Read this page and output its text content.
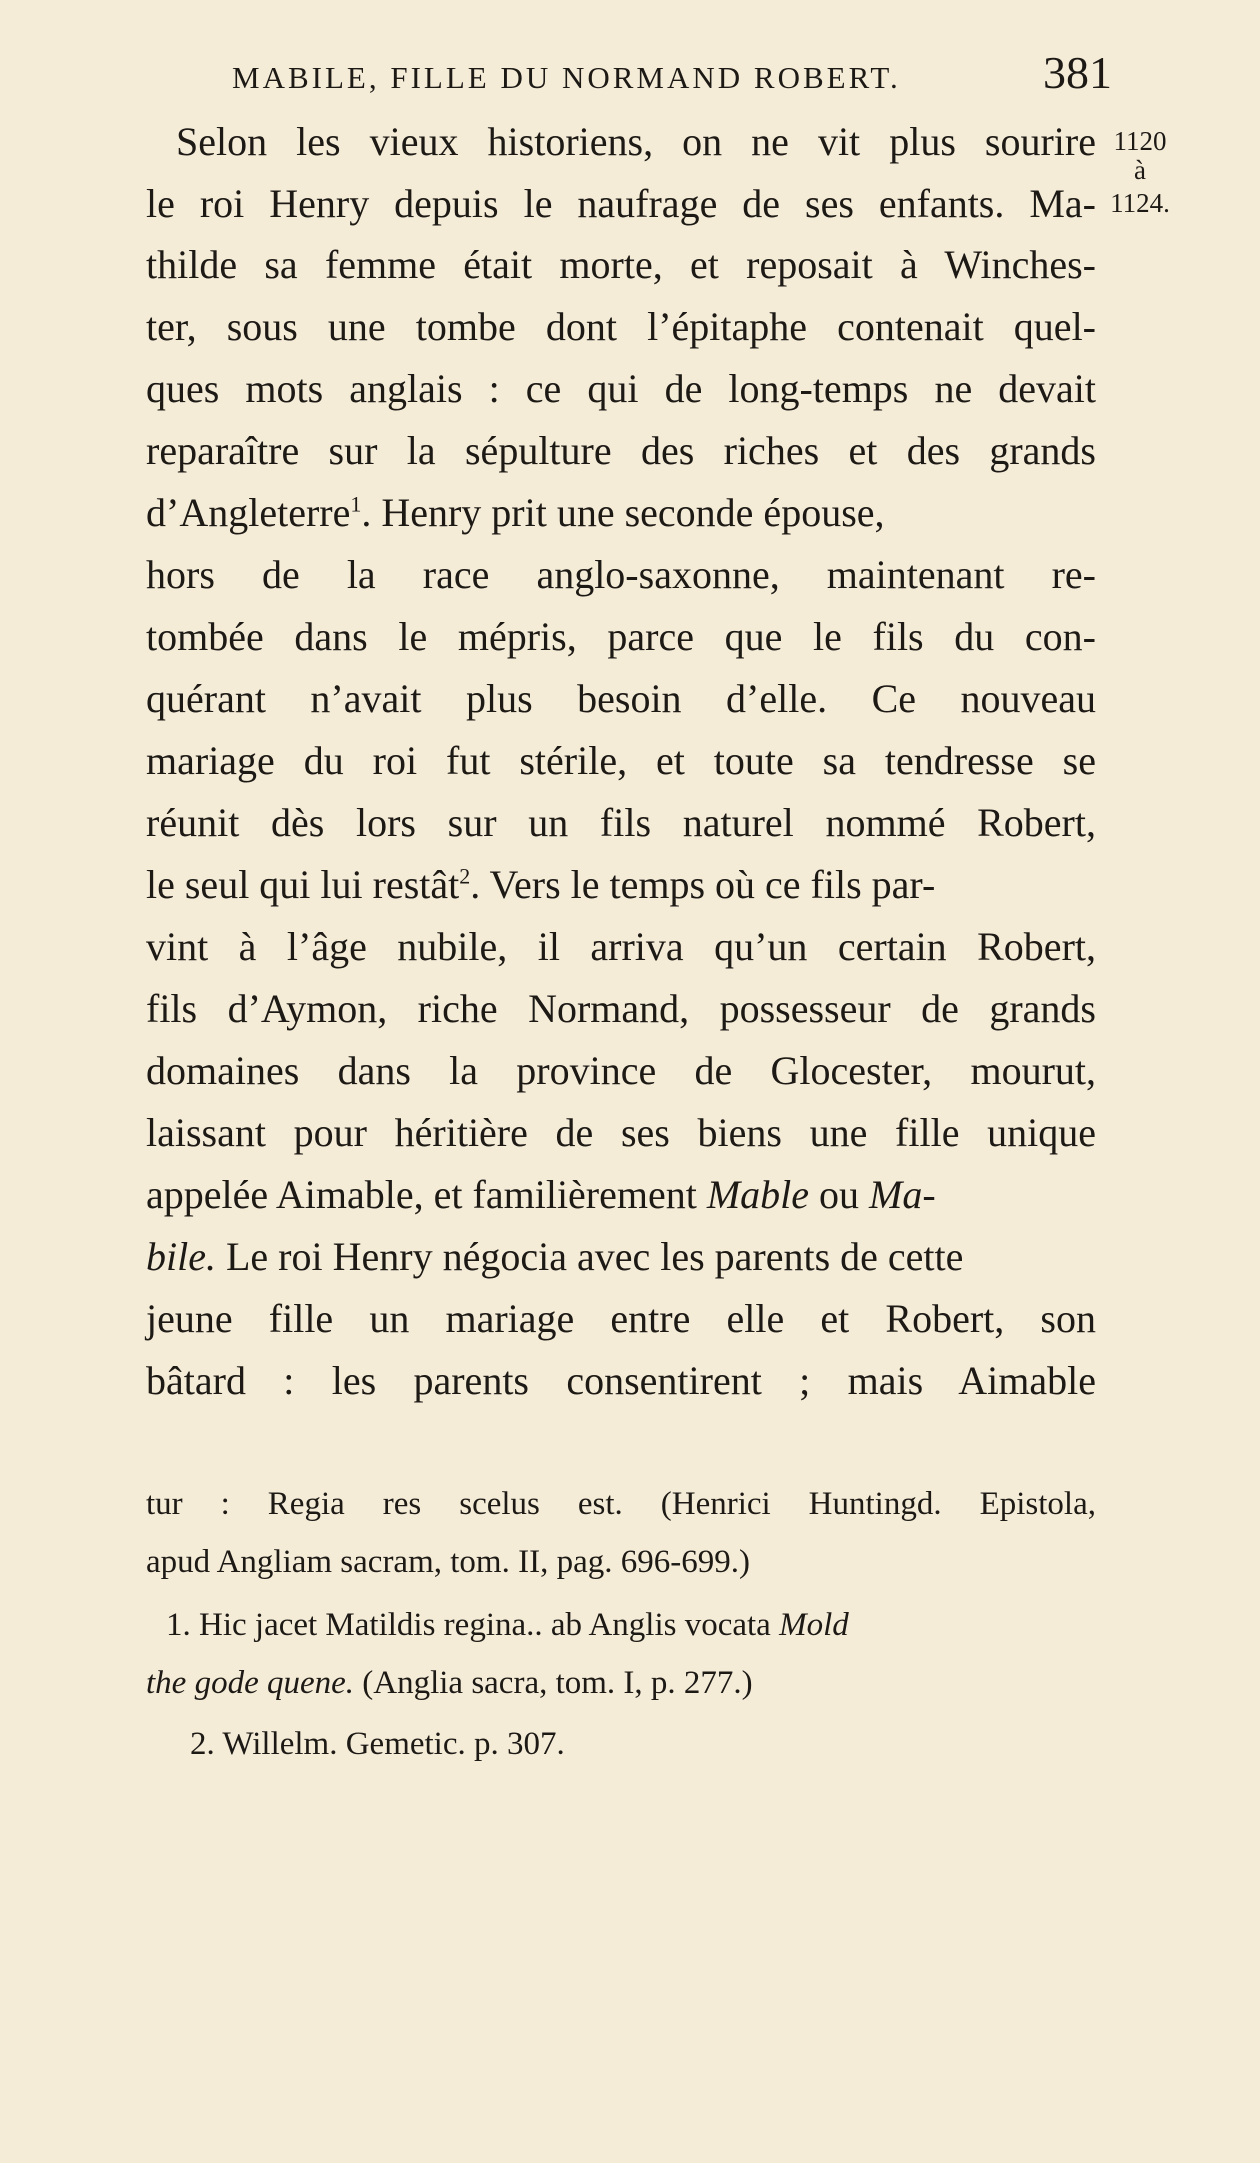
MABILE, FILLE DU NORMAND ROBERT.	381
1120
à
1124.
Selon les vieux historiens, on ne vit plus sourire
le roi Henry depuis le naufrage de ses enfants. Ma-
thilde sa femme était morte, et reposait à Winches-
ter, sous une tombe dont l’épitaphe contenait quel-
ques mots anglais : ce qui de long-temps ne devait
reparaître sur la sépulture des riches et des grands
d’Angleterre$^1$. Henry prit une seconde épouse,
hors de la race anglo-saxonne, maintenant re-
tombée dans le mépris, parce que le fils du con-
quérant n’avait plus besoin d’elle. Ce nouveau
mariage du roi fut stérile, et toute sa tendresse se
réunit dès lors sur un fils naturel nommé Robert,
le seul qui lui restât$^2$. Vers le temps où ce fils par-
vint à l’âge nubile, il arriva qu’un certain Robert,
fils d’Aymon, riche Normand, possesseur de grands
domaines dans la province de Glocester, mourut,
laissant pour héritière de ses biens une fille unique
appelée Aimable, et familièrement Mable ou Ma-
bile. Le roi Henry négocia avec les parents de cette
jeune fille un mariage entre elle et Robert, son
bâtard : les parents consentirent ; mais Aimable
tur : Regia res scelus est. (Henrici Huntingd. Epistola,
apud Angliam sacram, tom. II, pag. 696-699.)
1. Hic jacet Matildis regina.. ab Anglis vocata Mold
the gode quene. (Anglia sacra, tom. I, p. 277.)
2. Willelm. Gemetic. p. 307.
